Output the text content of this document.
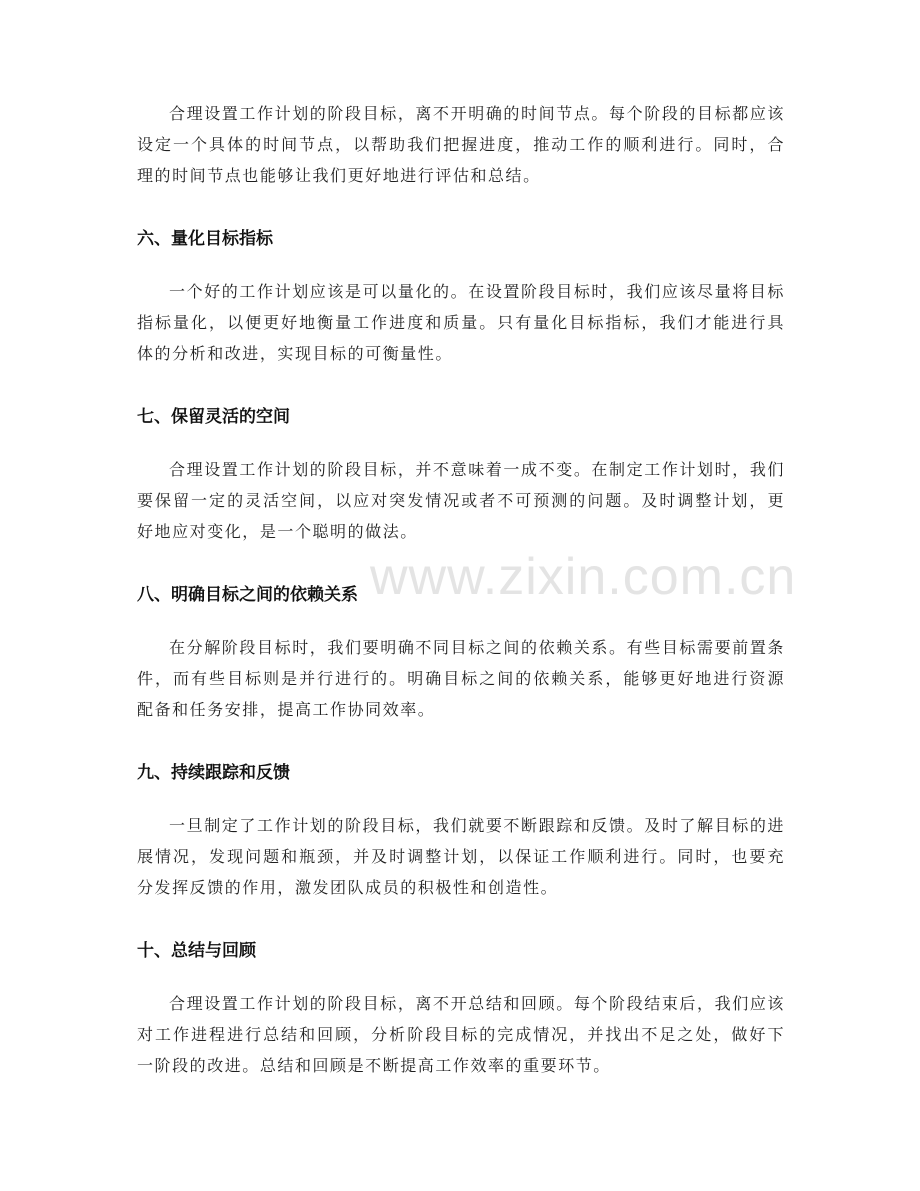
www.zixin.com.cn

合理设置工作计划的阶段目标，离不开明确的时间节点。每个阶段的目标都应该设定一个具体的时间节点，以帮助我们把握进度，推动工作的顺利进行。同时，合理的时间节点也能够让我们更好地进行评估和总结。

六、量化目标指标

一个好的工作计划应该是可以量化的。在设置阶段目标时，我们应该尽量将目标指标量化，以便更好地衡量工作进度和质量。只有量化目标指标，我们才能进行具体的分析和改进，实现目标的可衡量性。

七、保留灵活的空间

合理设置工作计划的阶段目标，并不意味着一成不变。在制定工作计划时，我们要保留一定的灵活空间，以应对突发情况或者不可预测的问题。及时调整计划，更好地应对变化，是一个聪明的做法。

八、明确目标之间的依赖关系

在分解阶段目标时，我们要明确不同目标之间的依赖关系。有些目标需要前置条件，而有些目标则是并行进行的。明确目标之间的依赖关系，能够更好地进行资源配备和任务安排，提高工作协同效率。

九、持续跟踪和反馈

一旦制定了工作计划的阶段目标，我们就要不断跟踪和反馈。及时了解目标的进展情况，发现问题和瓶颈，并及时调整计划，以保证工作顺利进行。同时，也要充分发挥反馈的作用，激发团队成员的积极性和创造性。

十、总结与回顾

合理设置工作计划的阶段目标，离不开总结和回顾。每个阶段结束后，我们应该对工作进程进行总结和回顾，分析阶段目标的完成情况，并找出不足之处，做好下一阶段的改进。总结和回顾是不断提高工作效率的重要环节。
